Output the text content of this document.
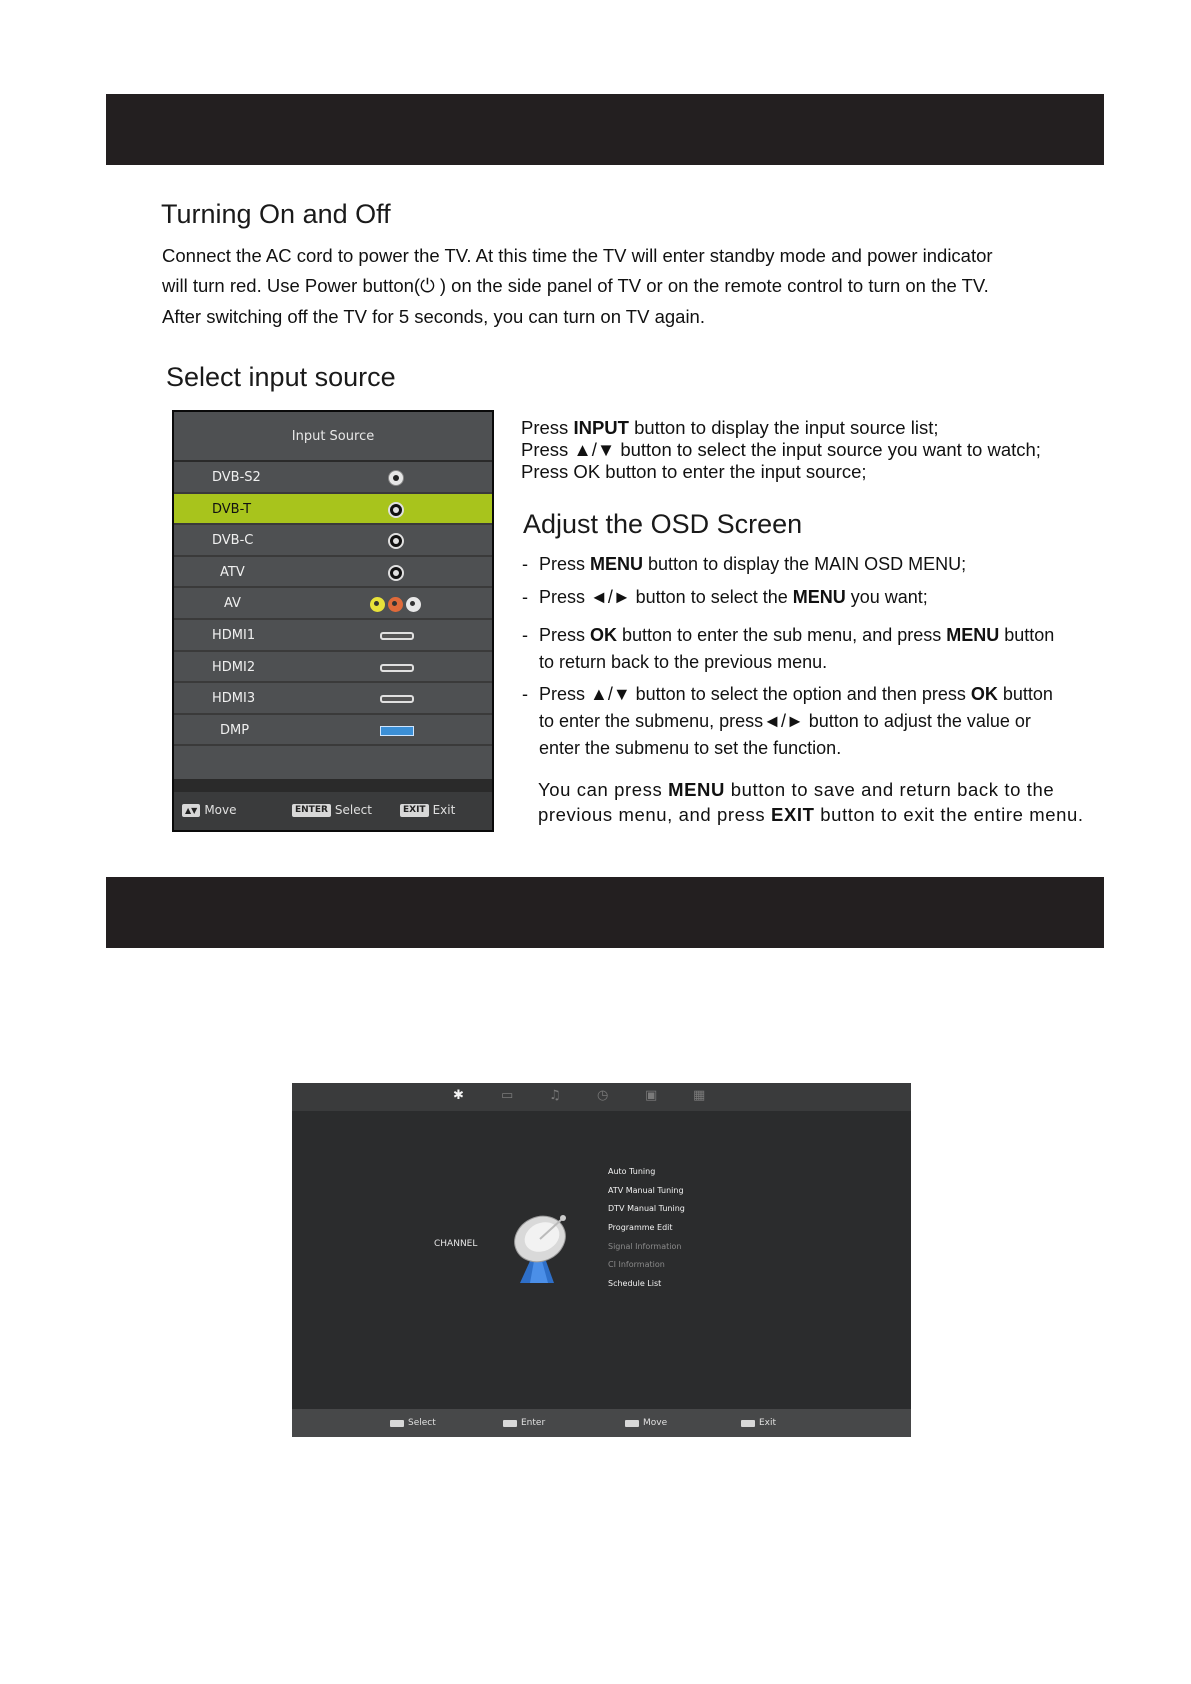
Turning On and Off

Connect the AC cord to power the TV. At this time the TV will enter standby mode and power indicator

will turn red. Use Power button(⏻ ) on the side panel of TV or on the remote control to turn on the TV.

After switching off the TV for 5 seconds, you can turn on TV again.

Select input source
Input Source
DVB-S2
DVB-T
DVB-C
ATV
AV
HDMI1
HDMI2
HDMI3
DMP
▲▼ Move	ENTER Select	EXIT Exit

Press INPUT button to display the input source list;

Press ▲/▼ button to select the input source you want to watch;

Press OK button to enter the input source;

Adjust the OSD Screen

- Press MENU button to display the MAIN OSD MENU;

- Press ◄/► button to select the MENU you want;

- Press OK button to enter the sub menu, and press MENU button

to return back to the previous menu.

- Press ▲/▼ button to select the option and then press OK button

to enter the submenu, press◄/► button to adjust the value or

enter the submenu to set the function.

You can press MENU button to save and return back to the

previous menu, and press EXIT button to exit the entire menu.

✱	▭	♫	◷	▣	▦
CHANNEL
Auto Tuning
ATV Manual Tuning
DTV Manual Tuning
Programme Edit
Signal Information
CI Information
Schedule List
Select	Enter	Move	Exit
